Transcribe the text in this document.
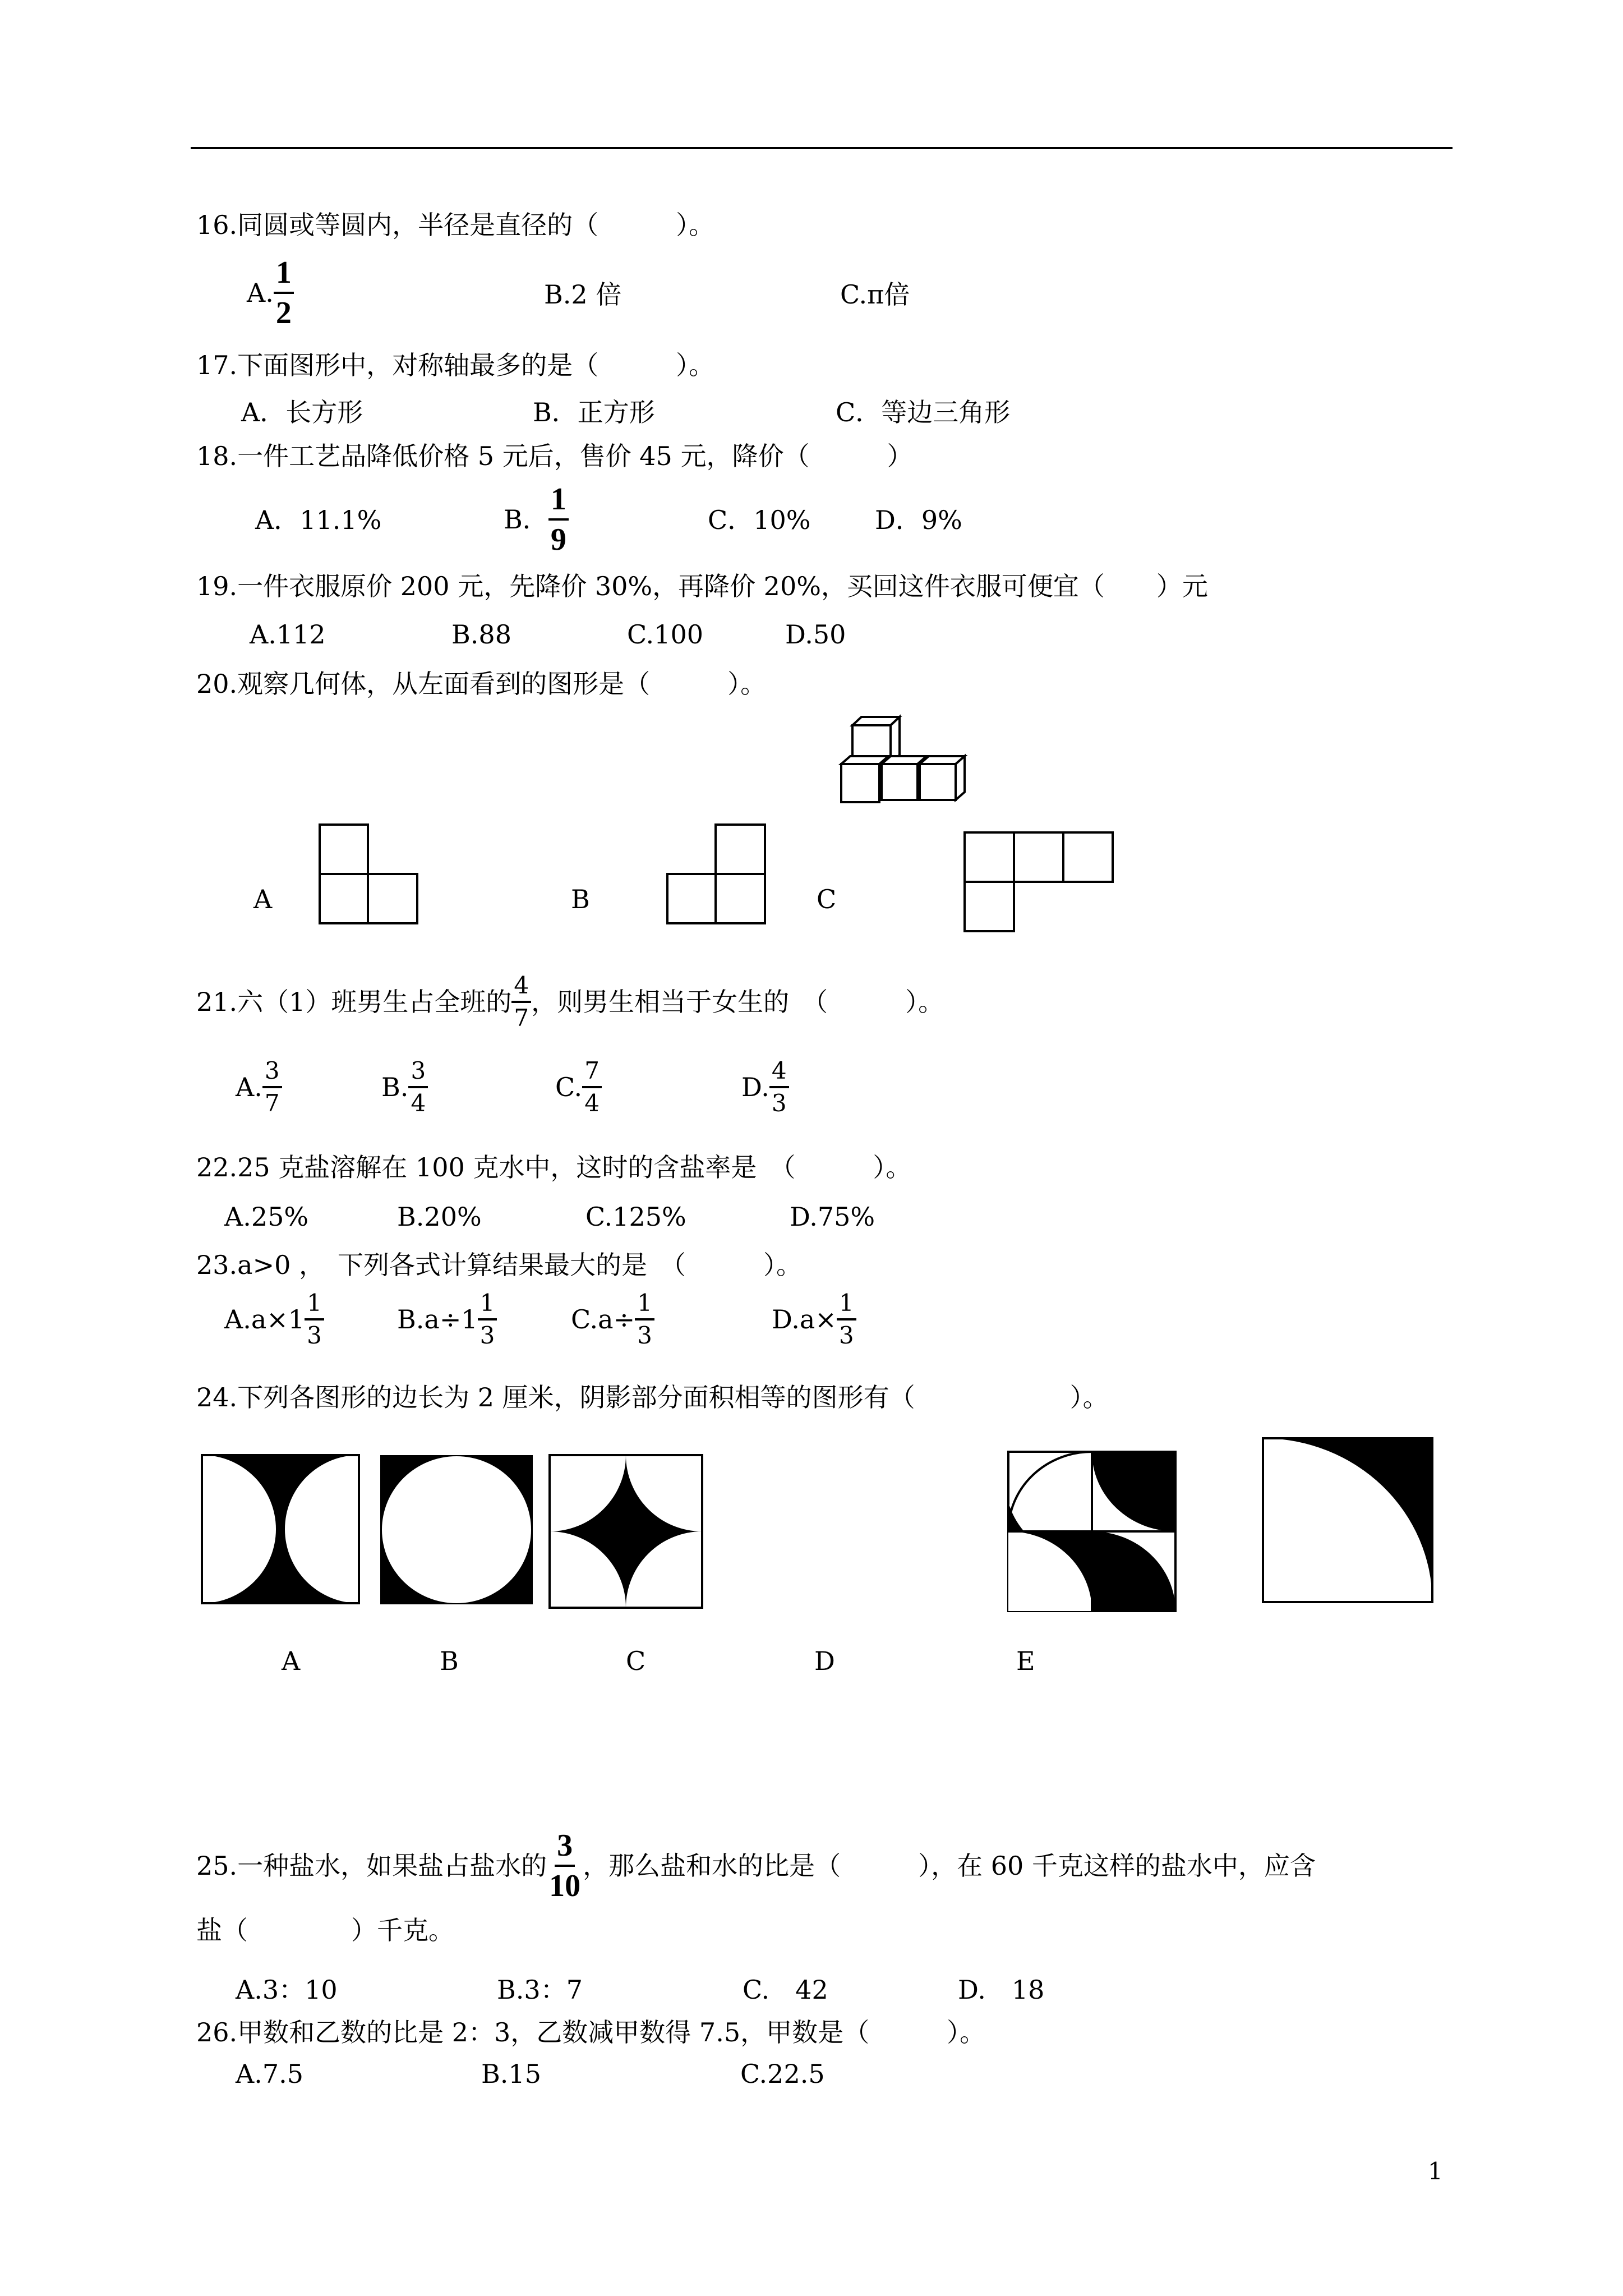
16.同圆或等圆内，半径是直径的（　　　）。
A. $\frac{1}{2}$	B.2 倍	C.π倍
17.下面图形中，对称轴最多的是（　　　）。
A．长方形	B．正方形	C．等边三角形
18.一件工艺品降低价格 5 元后，售价 45 元，降价（　　　）
A．11.1%	B． $\frac{1}{9}$	C．10% D．9%
19.一件衣服原价 200 元，先降价 30%，再降价 20%，买回这件衣服可便宜（　　）元
A.112	B.88	C.100	D.50
20.观察几何体，从左面看到的图形是（　　　）。
A	B	C
21.六（1）班男生占全班的 $\frac{4}{7}$ ，则男生相当于女生的　（　　　）。
A. $\frac{3}{7}$	B. $\frac{3}{4}$	C. $\frac{7}{4}$	D. $\frac{4}{3}$
22.25 克盐溶解在 100 克水中，这时的含盐率是　（　　　）。
A.25%	B.20%	C.125%	D.75%
23.a>0 ，　下列各式计算结果最大的是　（　　　）。
$A.a\times 1 \frac{1}{3}$	$B.a\div 1 \frac{1}{3}$	$C.a\div \frac{1}{3}$	$D.a\times \frac{1}{3}$
24.下列各图形的边长为 2 厘米，阴影部分面积相等的图形有（　　　　　　）。
A	B	C	D	E
25.一种盐水，如果盐占盐水的 $\frac{3}{10}$ ，那么盐和水的比是（　　　），在 60 千克这样的盐水中，应含
盐（　　　　）千克。
A.3：10	B.3：7	C.　42	D.　18
26.甲数和乙数的比是 2：3，乙数减甲数得 7.5，甲数是（　　　）。
A.7.5	B.15	C.22.5
1
